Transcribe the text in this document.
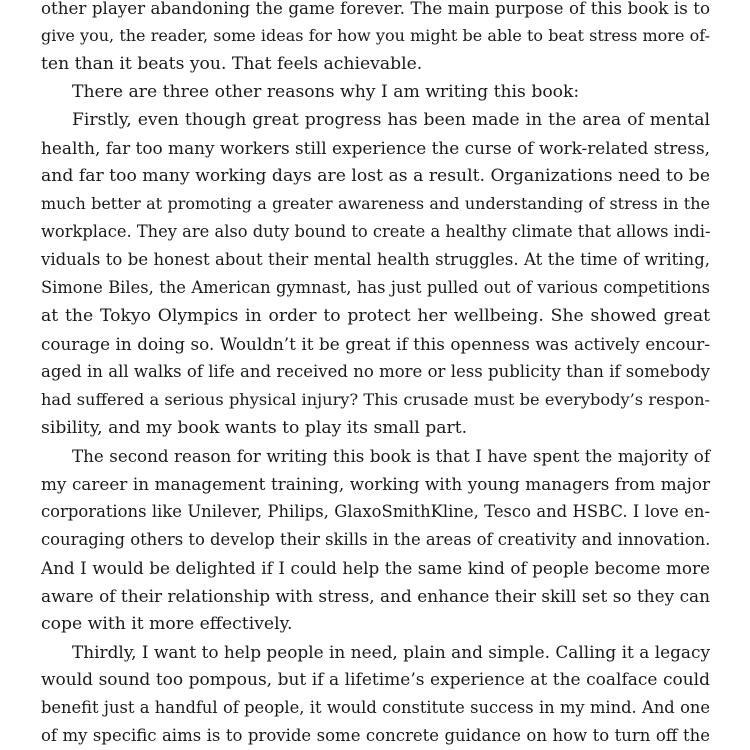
other player abandoning the game forever. The main purpose of this book is to
give you, the reader, some ideas for how you might be able to beat stress more of-
ten than it beats you. That feels achievable.
There are three other reasons why I am writing this book:
Firstly, even though great progress has been made in the area of mental
health, far too many workers still experience the curse of work-related stress,
and far too many working days are lost as a result. Organizations need to be
much better at promoting a greater awareness and understanding of stress in the
workplace. They are also duty bound to create a healthy climate that allows indi-
viduals to be honest about their mental health struggles. At the time of writing,
Simone Biles, the American gymnast, has just pulled out of various competitions
at the Tokyo Olympics in order to protect her wellbeing. She showed great
courage in doing so. Wouldn’t it be great if this openness was actively encour-
aged in all walks of life and received no more or less publicity than if somebody
had suffered a serious physical injury? This crusade must be everybody’s respon-
sibility, and my book wants to play its small part.
The second reason for writing this book is that I have spent the majority of
my career in management training, working with young managers from major
corporations like Unilever, Philips, GlaxoSmithKline, Tesco and HSBC. I love en-
couraging others to develop their skills in the areas of creativity and innovation.
And I would be delighted if I could help the same kind of people become more
aware of their relationship with stress, and enhance their skill set so they can
cope with it more effectively.
Thirdly, I want to help people in need, plain and simple. Calling it a legacy
would sound too pompous, but if a lifetime’s experience at the coalface could
benefit just a handful of people, it would constitute success in my mind. And one
of my specific aims is to provide some concrete guidance on how to turn off the
